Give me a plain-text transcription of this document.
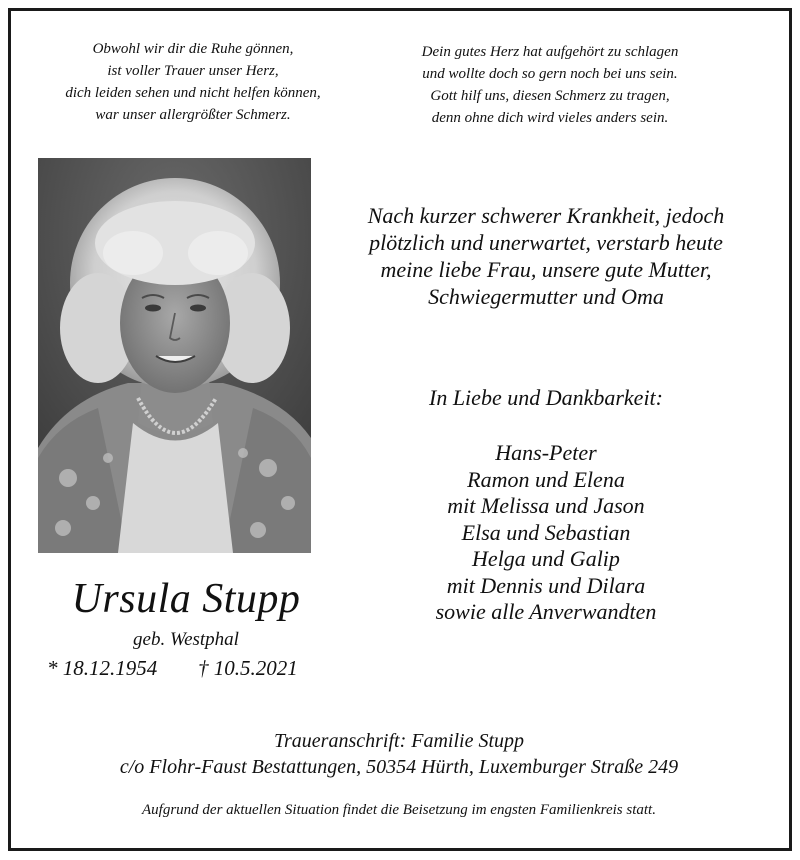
Obwohl wir dir die Ruhe gönnen,
ist voller Trauer unser Herz,
dich leiden sehen und nicht helfen können,
war unser allergrößter Schmerz.
Dein gutes Herz hat aufgehört zu schlagen
und wollte doch so gern noch bei uns sein.
Gott hilf uns, diesen Schmerz zu tragen,
denn ohne dich wird vieles anders sein.
Ursula Stupp
geb. Westphal
* 18.12.1954 † 10.5.2021
Nach kurzer schwerer Krankheit, jedoch
plötzlich und unerwartet, verstarb heute
meine liebe Frau, unsere gute Mutter,
Schwiegermutter und Oma
In Liebe und Dankbarkeit:
Hans-Peter
Ramon und Elena
mit Melissa und Jason
Elsa und Sebastian
Helga und Galip
mit Dennis und Dilara
sowie alle Anverwandten
Traueranschrift: Familie Stupp
c/o Flohr-Faust Bestattungen, 50354 Hürth, Luxemburger Straße 249
Aufgrund der aktuellen Situation findet die Beisetzung im engsten Familienkreis statt.
